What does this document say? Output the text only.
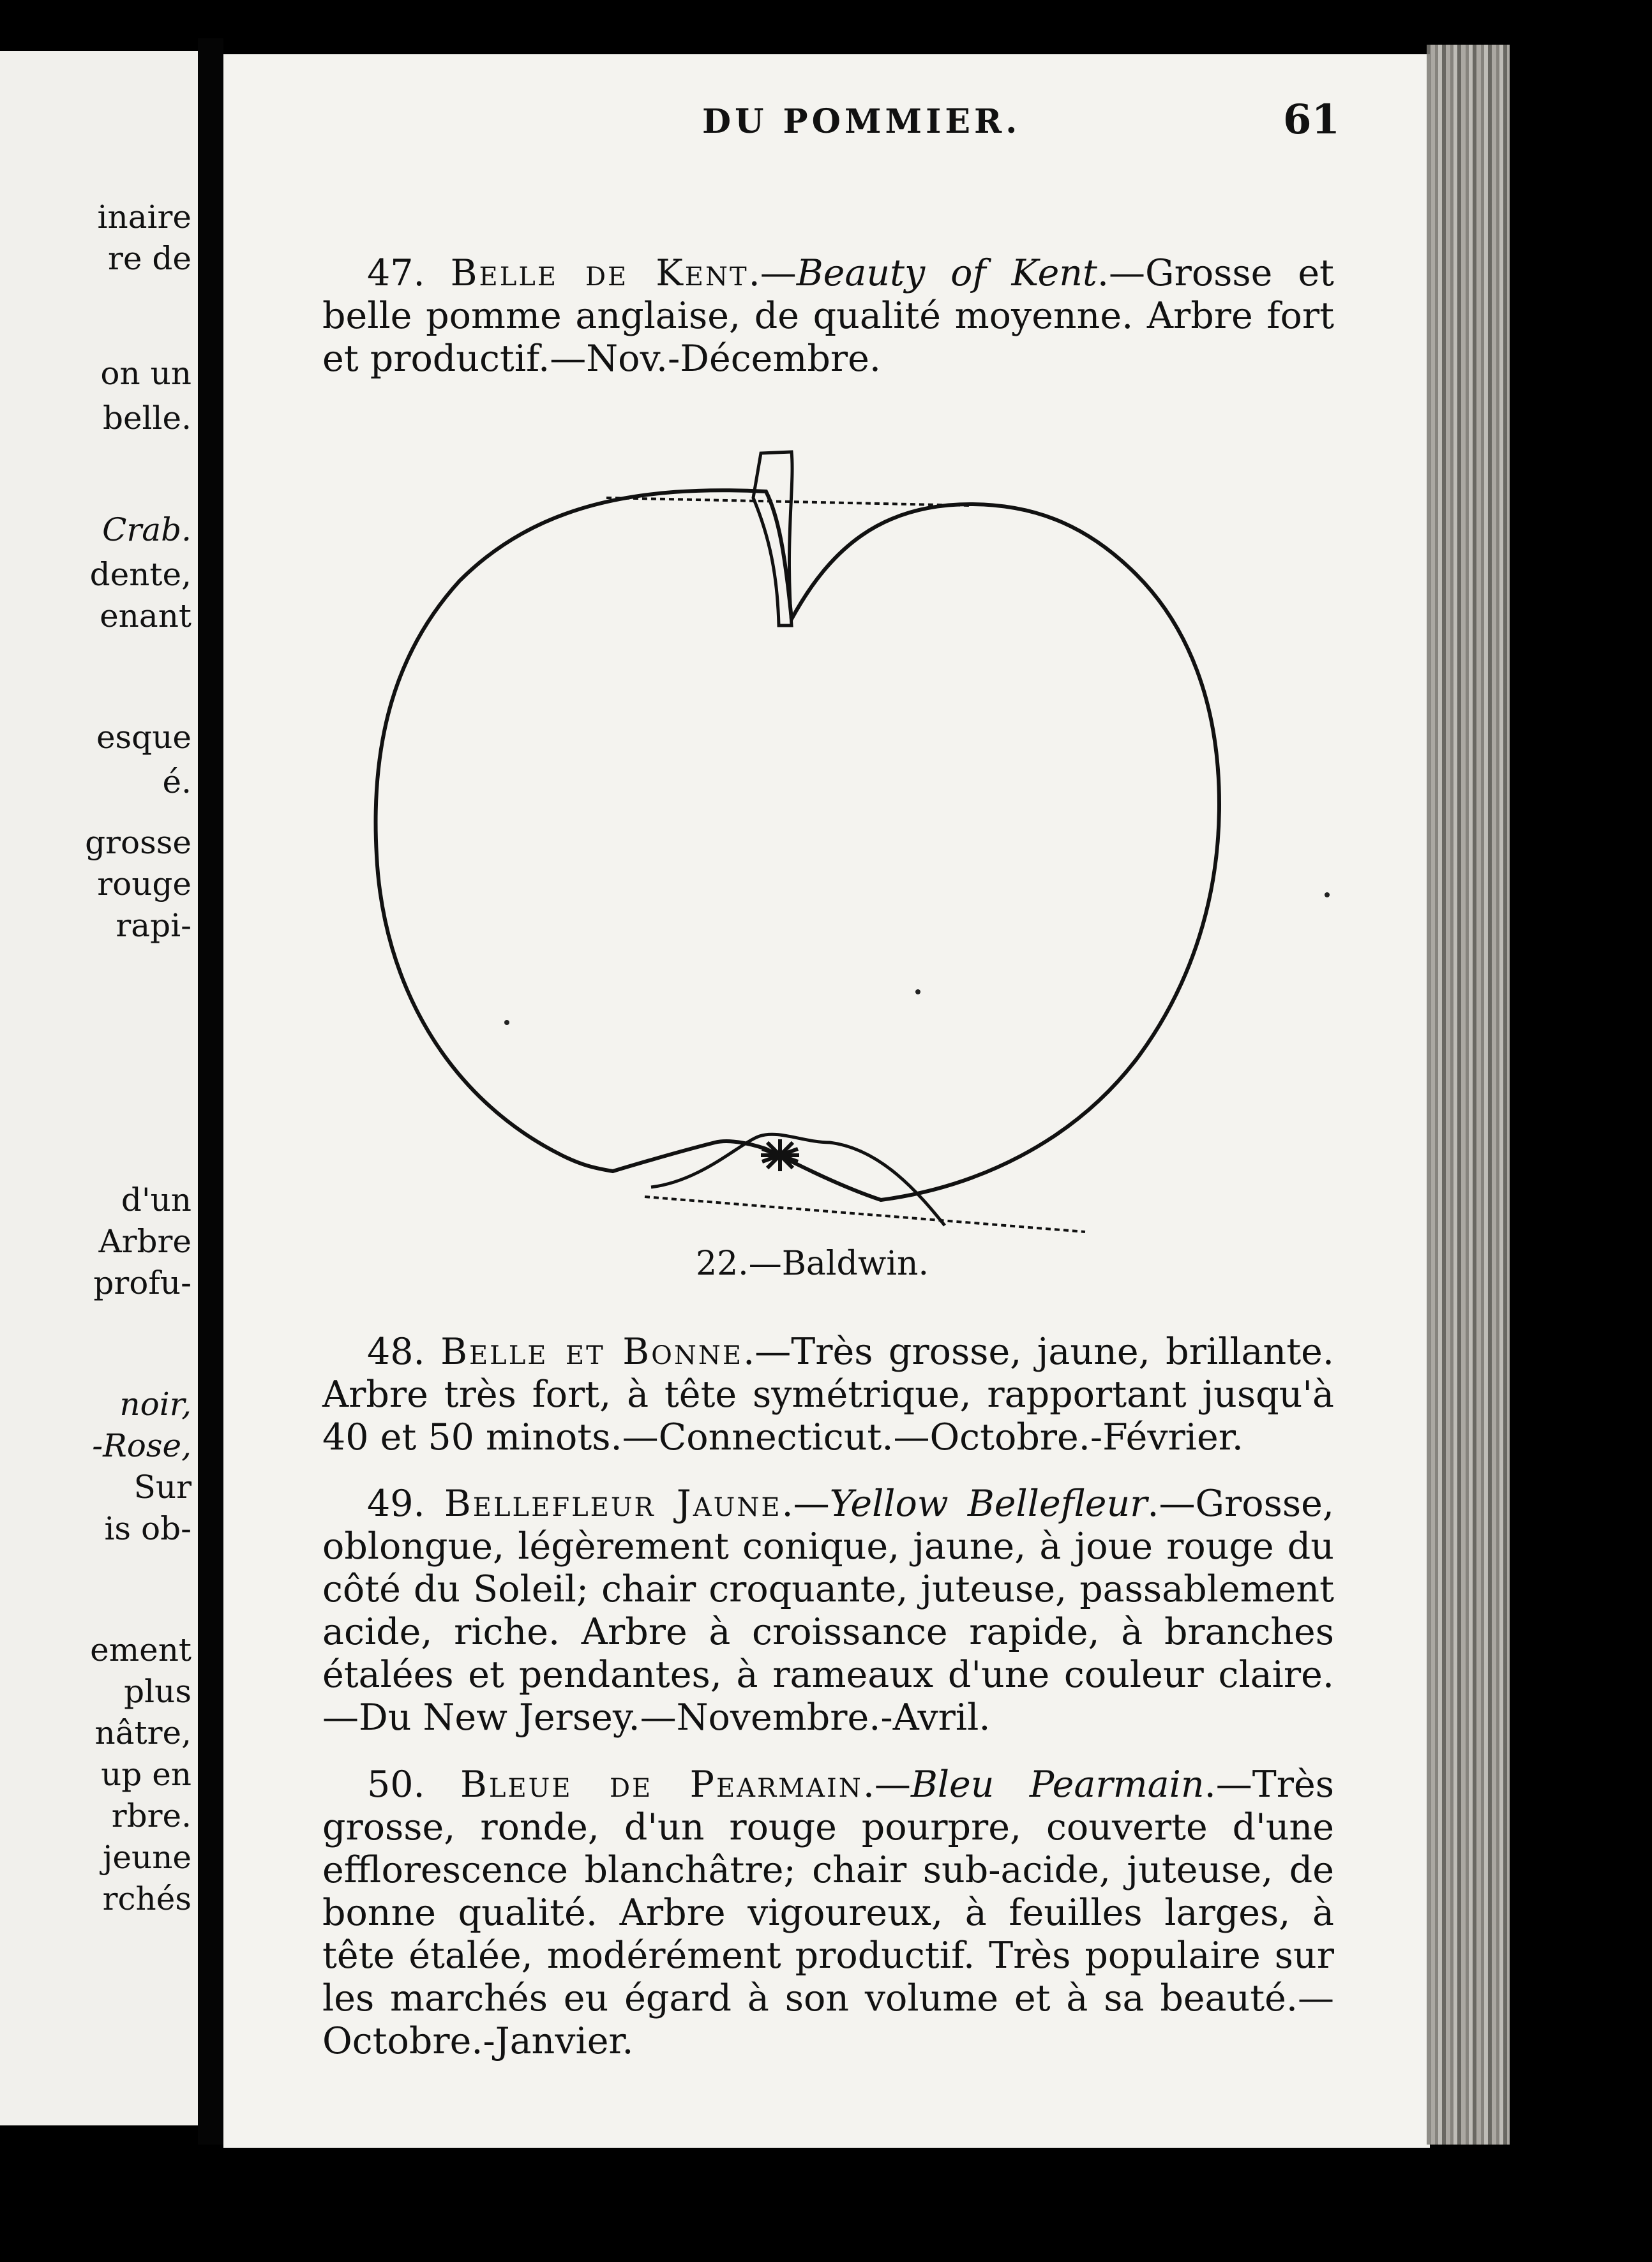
inaire
re de
on un
belle.
Crab.
dente,
enant
esque
é.
grosse
rouge
rapi-
d'un
Arbre
profu-
noir,
-Rose,
Sur
is ob-
ement
plus
nâtre,
up en
rbre.
jeune
rchés
DU POMMIER.	61
47. Belle de Kent.—Beauty of Kent.—Grosse et belle pomme anglaise, de qualité moyenne. Arbre fort et productif.—Nov.-Décembre.
22.—Baldwin.
48. Belle et Bonne.—Très grosse, jaune, brillante. Arbre très fort, à tête symétrique, rapportant jusqu'à 40 et 50 minots.—Connecticut.—Octobre.-Février.
49. Bellefleur Jaune.—Yellow Bellefleur.—Grosse, oblongue, légèrement conique, jaune, à joue rouge du côté du Soleil; chair croquante, juteuse, passablement acide, riche. Arbre à croissance rapide, à branches étalées et pendantes, à rameaux d'une couleur claire.—Du New Jersey.—Novembre.-Avril.
50. Bleue de Pearmain.—Bleu Pearmain.—Très grosse, ronde, d'un rouge pourpre, couverte d'une efflorescence blanchâtre; chair sub-acide, juteuse, de bonne qualité. Arbre vigoureux, à feuilles larges, à tête étalée, modérément productif. Très populaire sur les marchés eu égard à son volume et à sa beauté.—Octobre.-Janvier.
